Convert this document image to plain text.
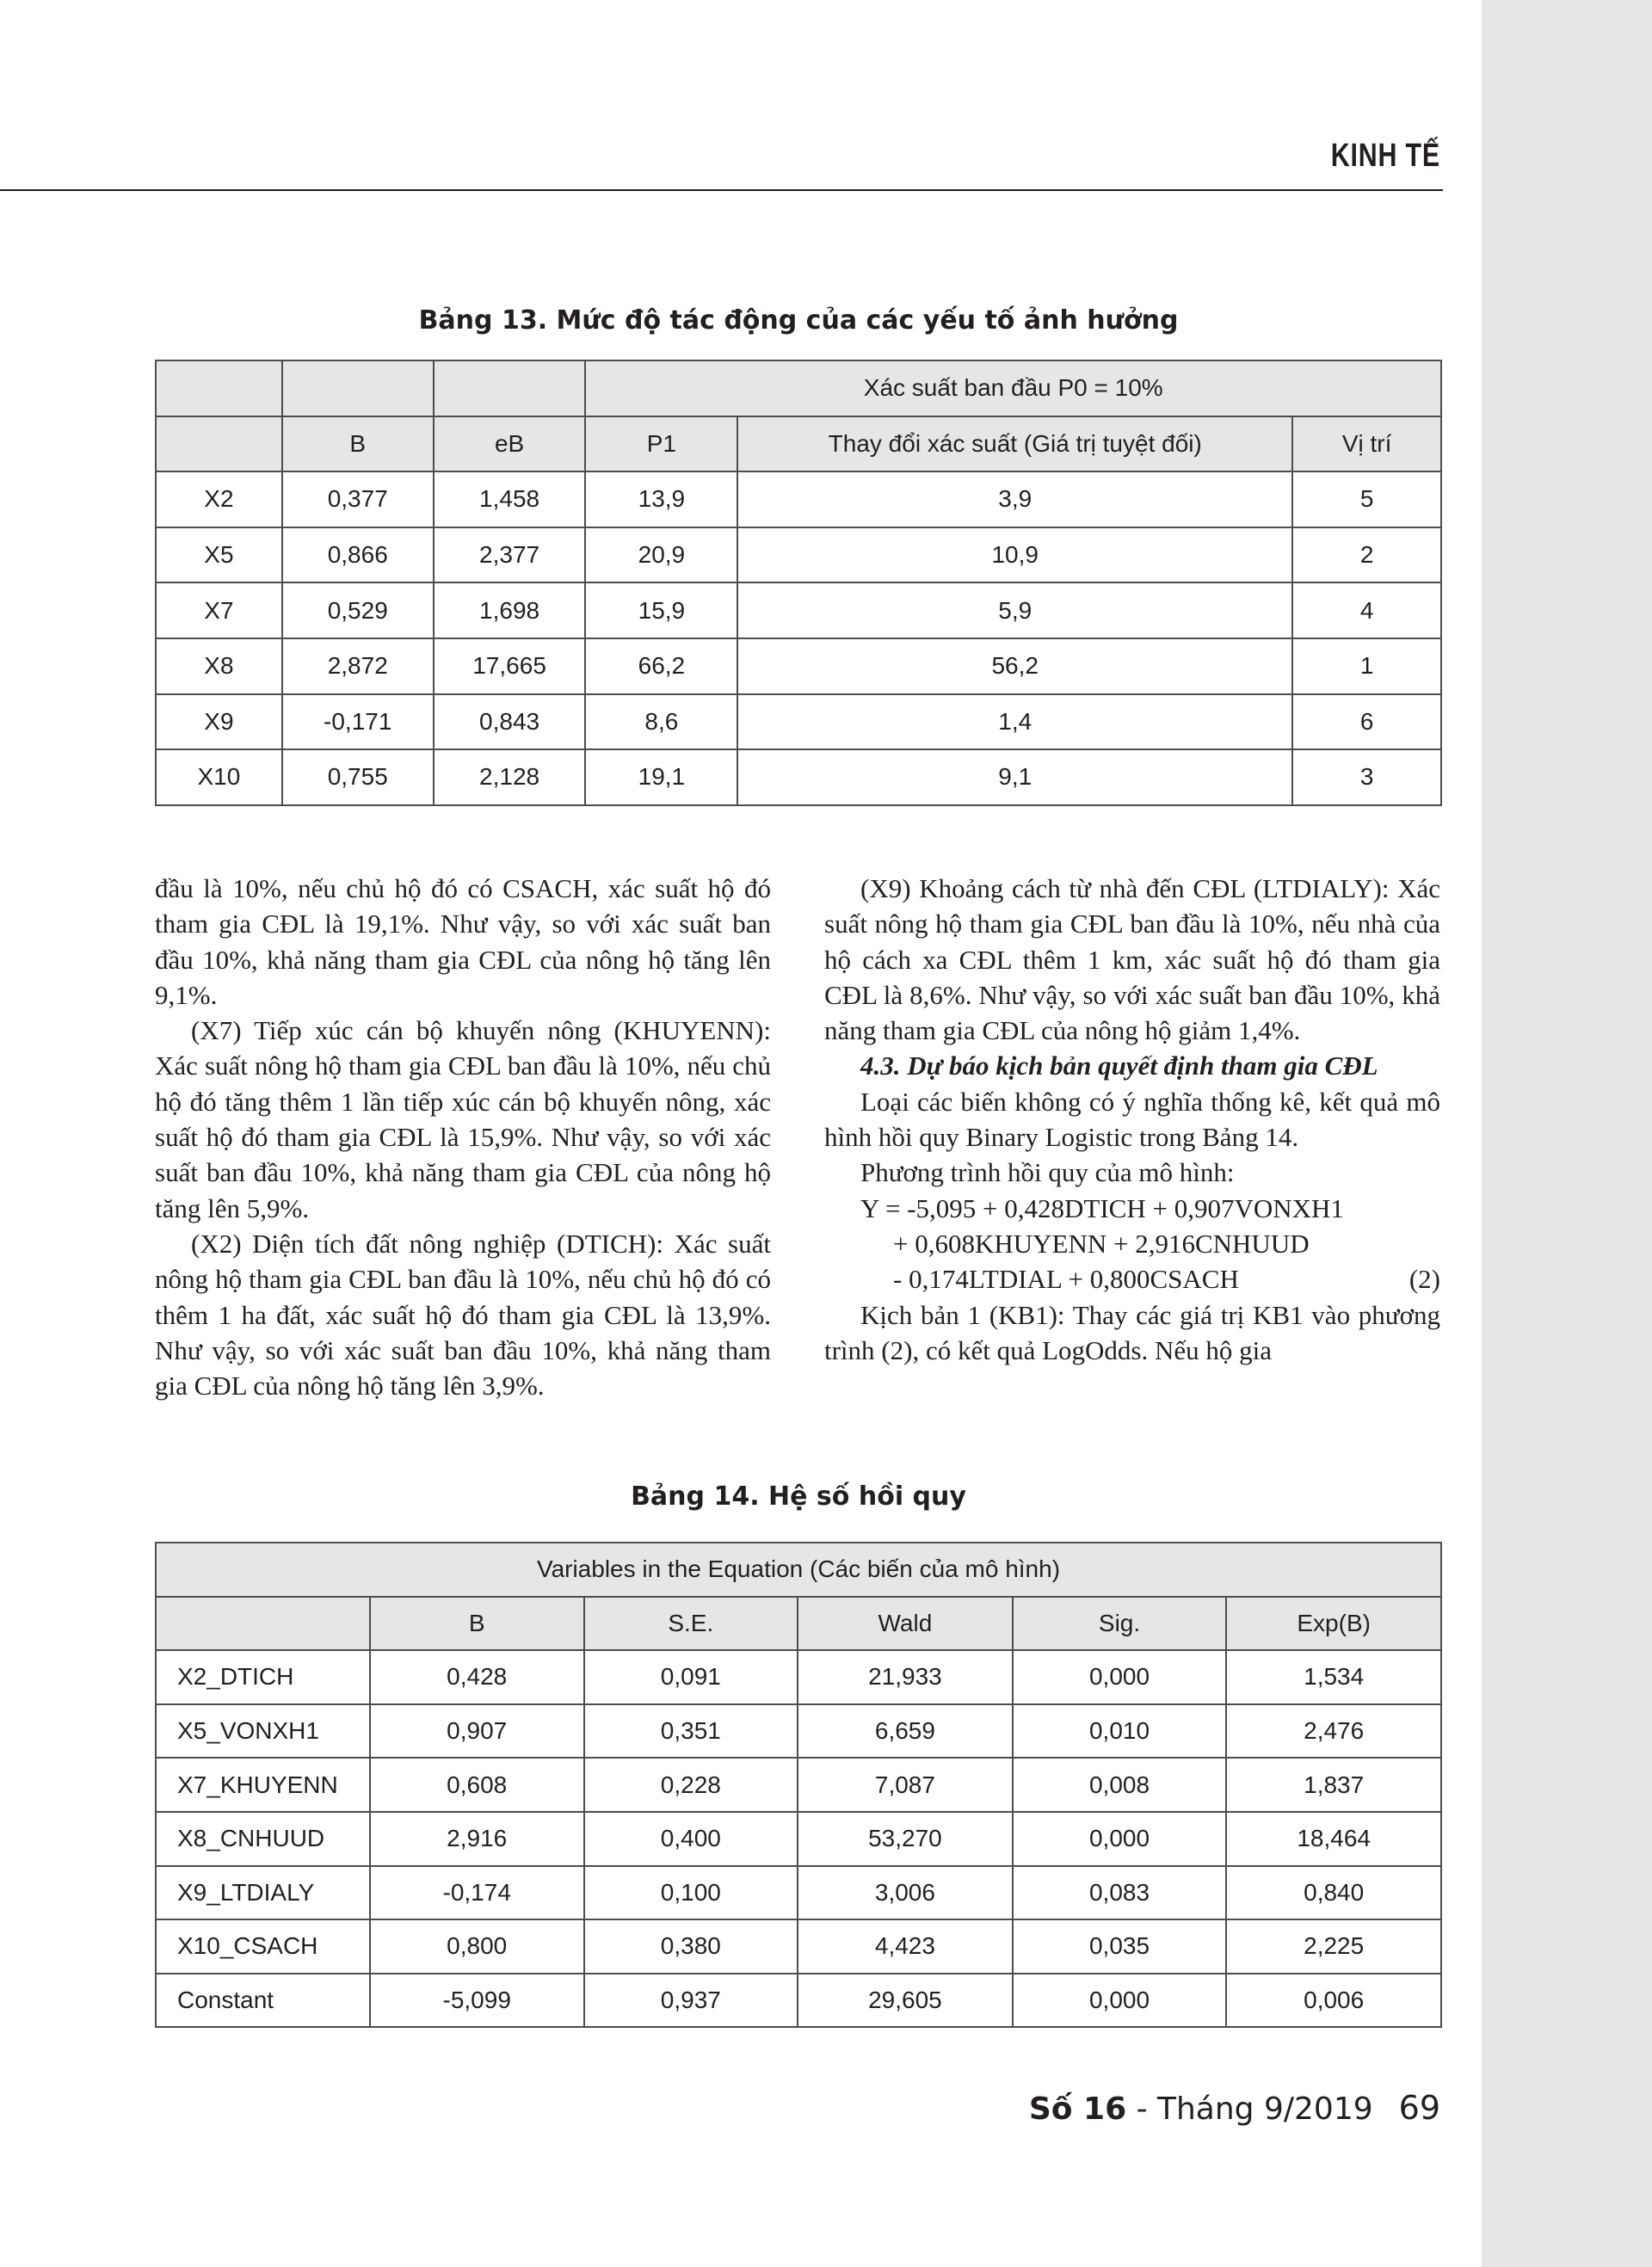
KINH TẾ
Bảng 13. Mức độ tác động của các yếu tố ảnh hưởng
			Xác suất ban đầu P0 = 10%		
	B	eB	P1	Thay đổi xác suất (Giá trị tuyệt đối)	Vị trí
X2	0,377	1,458	13,9	3,9	5
X5	0,866	2,377	20,9	10,9	2
X7	0,529	1,698	15,9	5,9	4
X8	2,872	17,665	66,2	56,2	1
X9	-0,171	0,843	8,6	1,4	6
X10	0,755	2,128	19,1	9,1	3

đầu là 10%, nếu chủ hộ đó có CSACH, xác suất hộ đó tham gia CĐL là 19,1%. Như vậy, so với xác suất ban đầu 10%, khả năng tham gia CĐL của nông hộ tăng lên 9,1%.

(X7) Tiếp xúc cán bộ khuyến nông (KHUYENN): Xác suất nông hộ tham gia CĐL ban đầu là 10%, nếu chủ hộ đó tăng thêm 1 lần tiếp xúc cán bộ khuyến nông, xác suất hộ đó tham gia CĐL là 15,9%. Như vậy, so với xác suất ban đầu 10%, khả năng tham gia CĐL của nông hộ tăng lên 5,9%.

(X2) Diện tích đất nông nghiệp (DTICH): Xác suất nông hộ tham gia CĐL ban đầu là 10%, nếu chủ hộ đó có thêm 1 ha đất, xác suất hộ đó tham gia CĐL là 13,9%. Như vậy, so với xác suất ban đầu 10%, khả năng tham gia CĐL của nông hộ tăng lên 3,9%.

(X9) Khoảng cách từ nhà đến CĐL (LTDIALY): Xác suất nông hộ tham gia CĐL ban đầu là 10%, nếu nhà của hộ cách xa CĐL thêm 1 km, xác suất hộ đó tham gia CĐL là 8,6%. Như vậy, so với xác suất ban đầu 10%, khả năng tham gia CĐL của nông hộ giảm 1,4%.

4.3. Dự báo kịch bản quyết định tham gia CĐL

Loại các biến không có ý nghĩa thống kê, kết quả mô hình hồi quy Binary Logistic trong Bảng 14.

Phương trình hồi quy của mô hình:

Y = -5,095 + 0,428DTICH + 0,907VONXH1

+ 0,608KHUYENN + 2,916CNHUUD

- 0,174LTDIAL + 0,800CSACH	(2)

Kịch bản 1 (KB1): Thay các giá trị KB1 vào phương trình (2), có kết quả LogOdds. Nếu hộ gia

Bảng 14. Hệ số hồi quy
Variables in the Equation (Các biến của mô hình)					
	B	S.E.	Wald	Sig.	Exp(B)
X2_DTICH	0,428	0,091	21,933	0,000	1,534
X5_VONXH1	0,907	0,351	6,659	0,010	2,476
X7_KHUYENN	0,608	0,228	7,087	0,008	1,837
X8_CNHUUD	2,916	0,400	53,270	0,000	18,464
X9_LTDIALY	-0,174	0,100	3,006	0,083	0,840
X10_CSACH	0,800	0,380	4,423	0,035	2,225
Constant	-5,099	0,937	29,605	0,000	0,006
Số 16 - Tháng 9/2019 69
